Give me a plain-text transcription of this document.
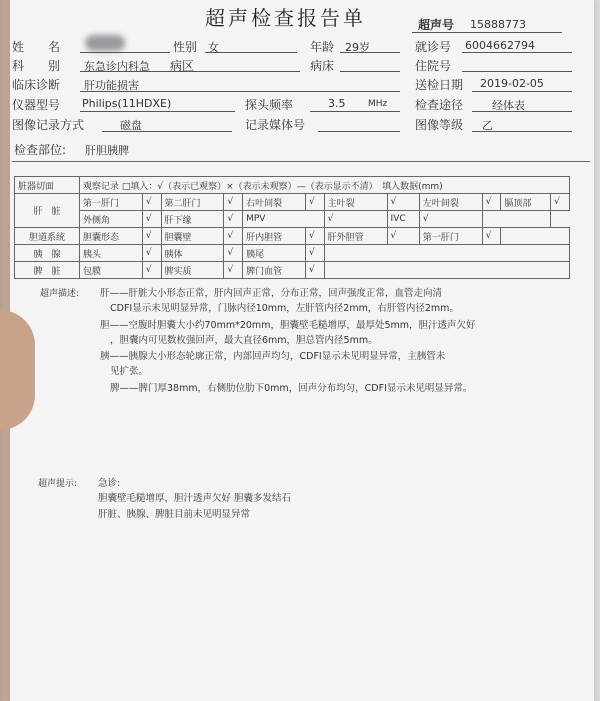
超声检查报告单	超声号 15888773
姓　　名	性别 女	年龄 29岁	就诊号 6004662794
科　　别 东急诊内科急 病区	病床	住院号
临床诊断 肝功能损害	送检日期 2019-02-05
仪器型号 Philips(11HDXE)	探头频率	3.5	MHz 检查途径	经体表
图像记录方式	磁盘	记录媒体号	图像等级 乙
检查部位: 肝胆胰脾
脏器切面	观察记录 □填入：√（表示已观察）×（表示未观察）—（表示显示不清）　填入数据(mm)											
肝　脏	第一肝门	√	第二肝门	√	右叶间裂	√	主叶裂	√	左叶间裂	√	膈顶部	√
	外侧角	√	肝下缘	√	MPV		√	IVC	√			
胆道系统	胆囊形态	√	胆囊壁	√	肝内胆管	√	肝外胆管	√	第一肝门	√		
胰　腺	胰头	√	胰体	√	胰尾	√						
脾　脏	包膜	√	脾实质	√	脾门血管	√						
超声描述: 肝——肝脏大小形态正常，肝内回声正常，分布正常，回声强度正常，血管走向清
CDFI显示未见明显异常，门脉内径10mm，左肝管内径2mm，右肝管内径2mm。
胆——空腹时胆囊大小约70mm*20mm，胆囊壁毛糙增厚，最厚处5mm，胆汁透声欠好
，胆囊内可见数枚强回声，最大直径6mm，胆总管内径5mm。
胰——胰腺大小形态轮廓正常，内部回声均匀，CDFI显示未见明显异常，主胰管未
见扩张。
脾——脾门厚38mm，右侧肋位肋下0mm，回声分布均匀，CDFI显示未见明显异常。
超声提示: 急诊:
胆囊壁毛糙增厚，胆汁透声欠好 胆囊多发结石
肝脏、胰腺、脾脏目前未见明显异常
